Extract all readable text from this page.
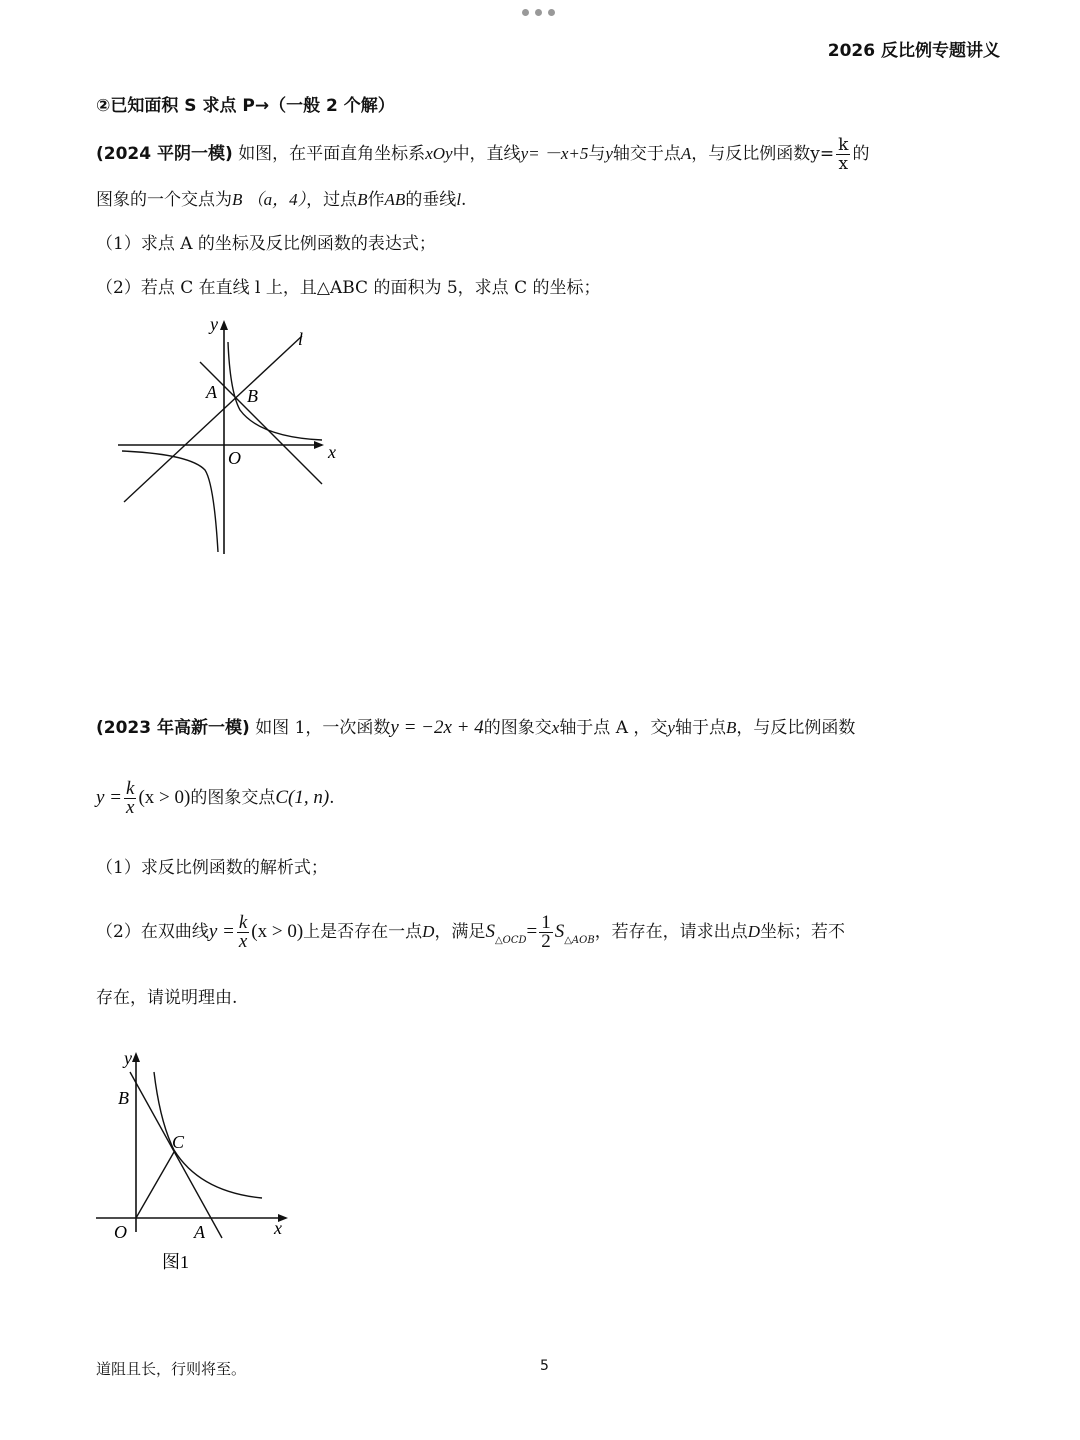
2026 反比例专题讲义
②已知面积 S 求点 P→（一般 2 个解）
(2024 平阴一模) 如图，在平面直角坐标系xOy中，直线y= －x+5与y轴交于点A，与反比例函数$y= \frac{k}{x}$ 的
图象的一个交点为B （a，4），过点B作AB的垂线l.
（1）求点 A 的坐标及反比例函数的表达式；
（2）若点 C 在直线 l 上，且△ABC 的面积为 5，求点 C 的坐标；
y
l
A B
O	x
(2023 年高新一模) 如图 1，一次函数y = −2x + 4的图象交x轴于点 A ，交y轴于点B，与反比例函数
$y = \frac{k}{x} (x > 0)$的图象交点C(1, n).
（1）求反比例函数的解析式；
（2）在双曲线$y = \frac{k}{x} (x > 0)$上是否存在一点D，满足$S_{\triangle OCD}= \frac{1}{2} S_{\triangle AOB}$，若存在，请求出点D坐标；若不
存在，请说明理由.
y
B
C
O	A	x
图1
道阻且长，行则将至。	5
